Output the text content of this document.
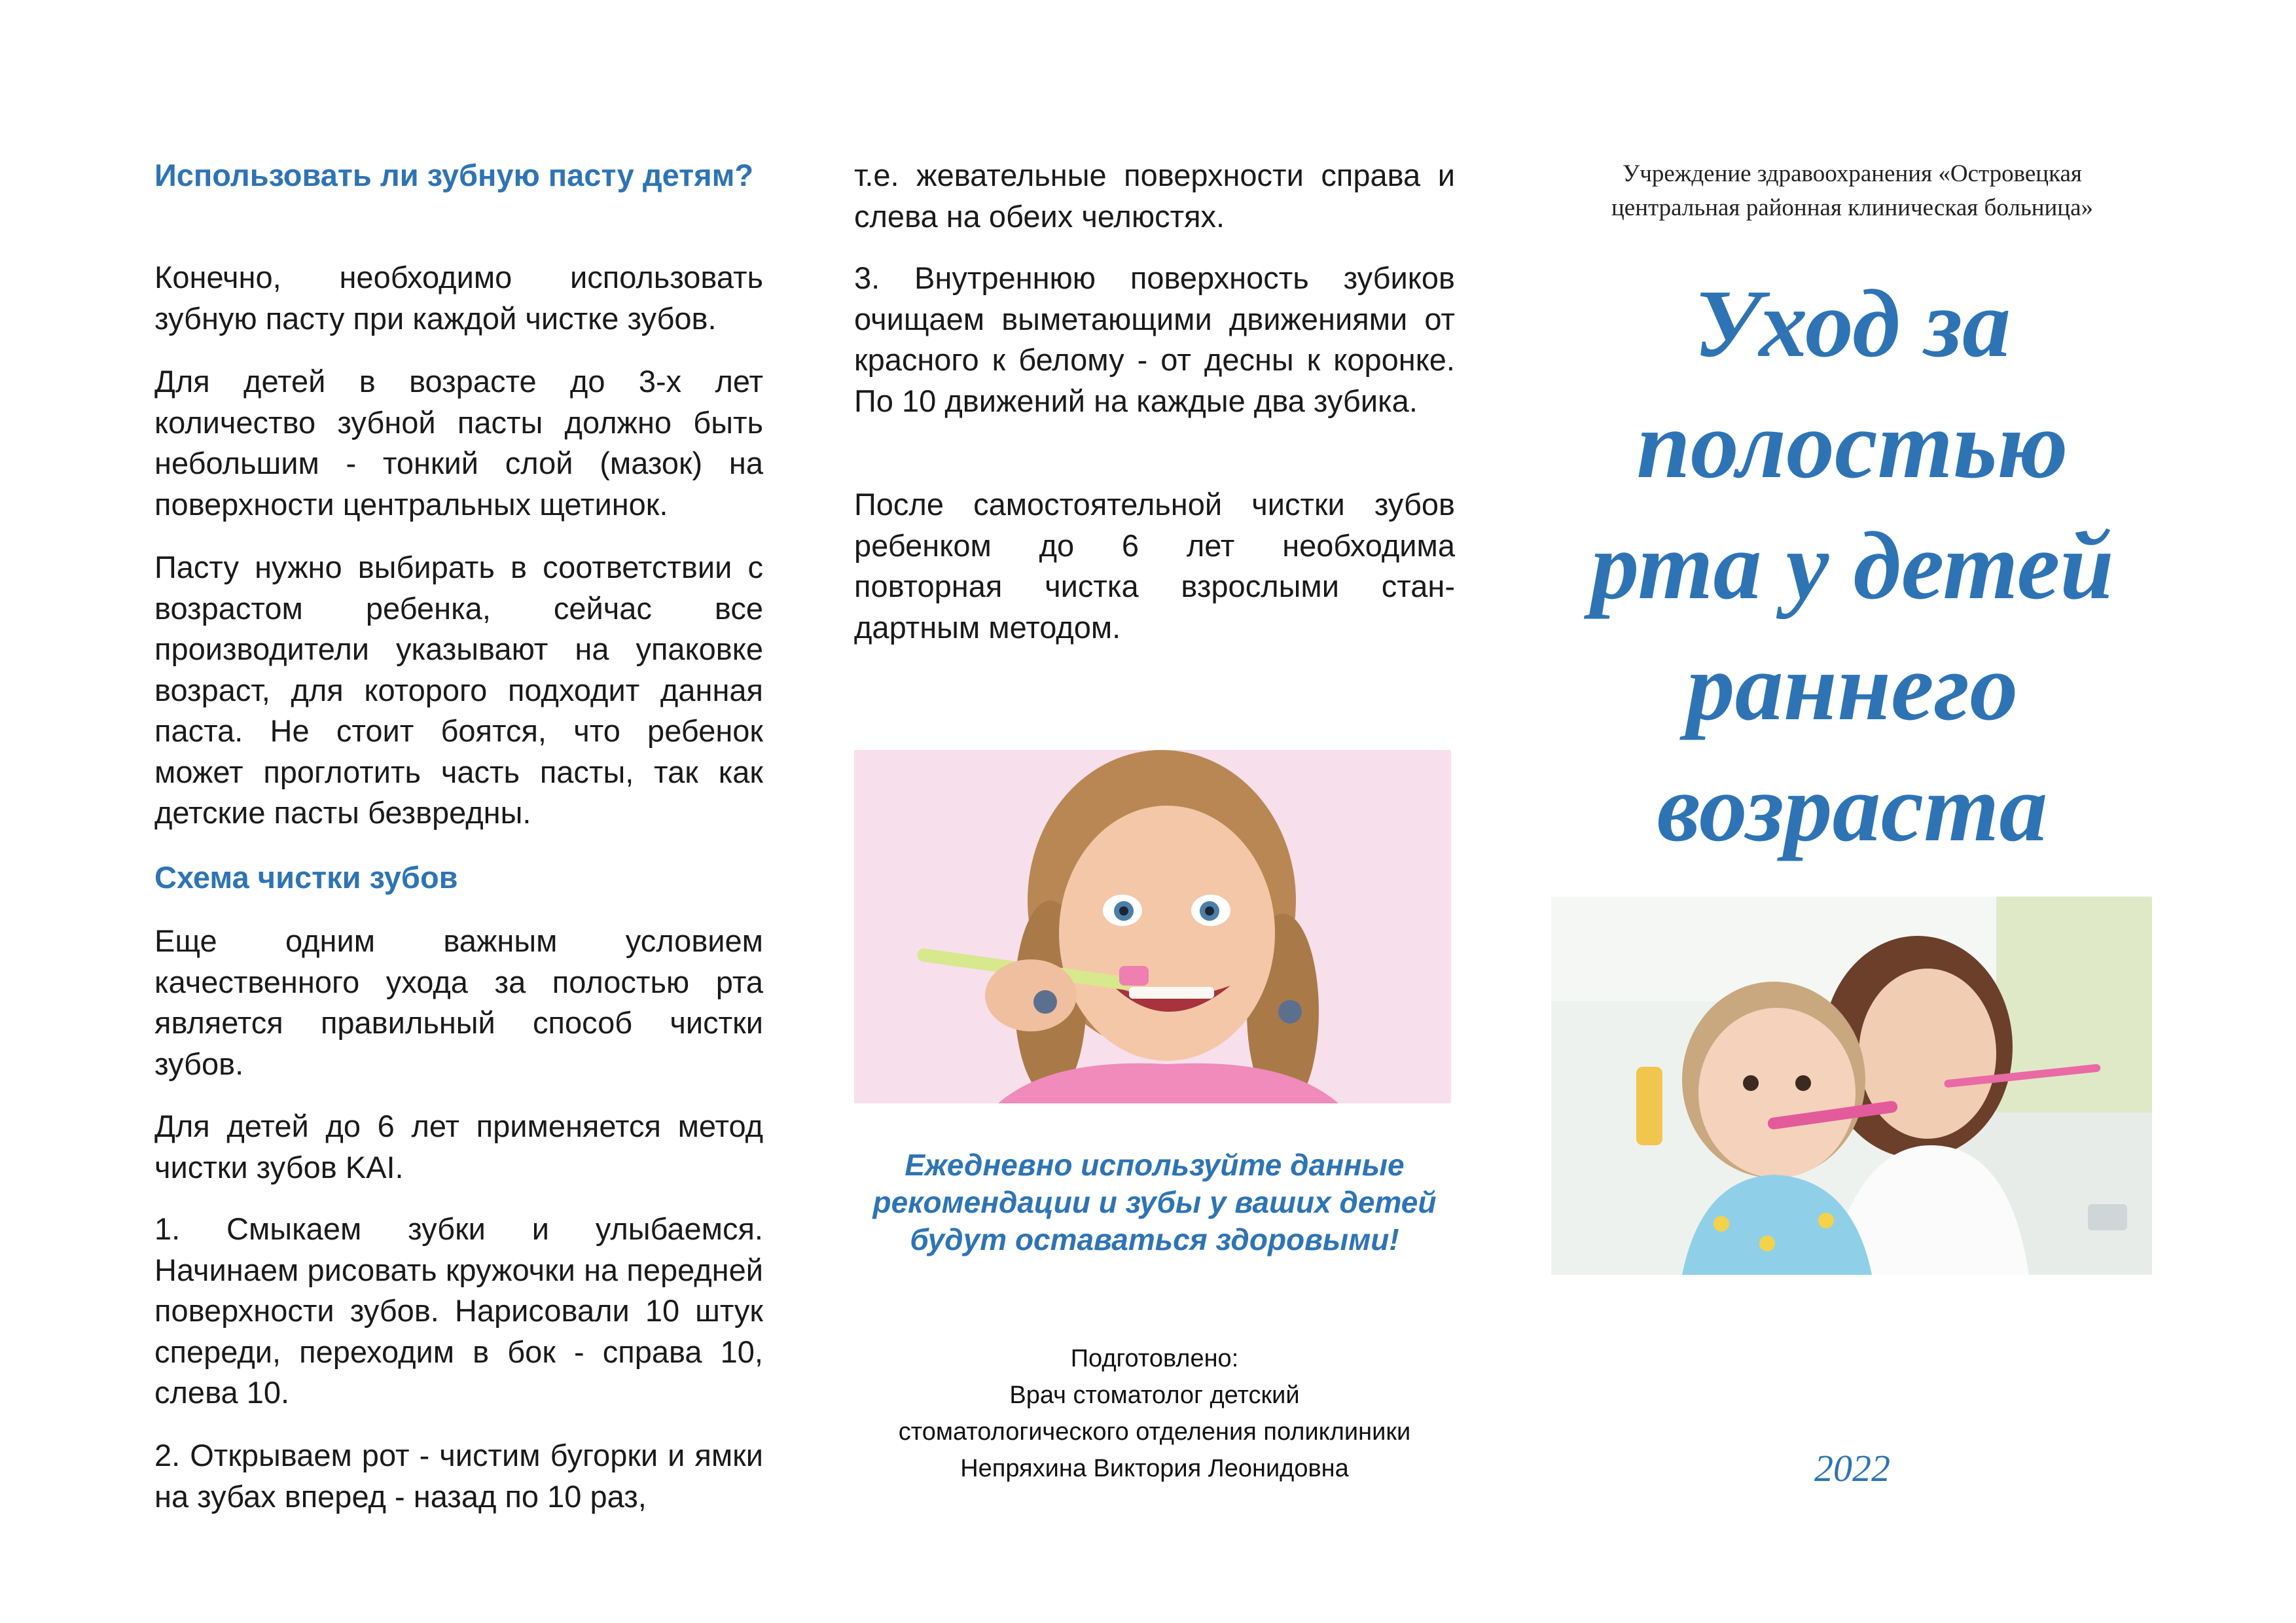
Использовать ли зубную пасту детям?

Конечно, необходимо использовать зубную пасту при каждой чистке зубов.

Для детей в возрасте до 3-х лет количество зубной пасты должно быть небольшим - тонкий слой (мазок) на поверхности центральных щетинок.

Пасту нужно выбирать в соответствии с возрастом ребенка, сейчас все производители указывают на упаковке возраст, для которого подходит данная паста. Не стоит боятся, что ребенок может проглотить часть пасты, так как детские пасты безвредны.

Схема чистки зубов

Еще одним важным условием качественного ухода за полостью рта является правильный способ чистки зубов.

Для детей до 6 лет применяется метод чистки зубов KAI.

1. Смыкаем зубки и улыбаемся. Начинаем рисовать кружочки на передней поверхности зубов. Нарисовали 10 штук спереди, переходим в бок - справа 10, слева 10.

2. Открываем рот - чистим бугорки и ямки на зубах вперед - назад по 10 раз,

т.е. жевательные поверхности справа и слева на обеих челюстях.

3. Внутреннюю поверхность зубиков очищаем выметающими движениями от красного к белому - от десны к коронке. По 10 движений на каждые два зубика.

После самостоятельной чистки зубов ребенком до 6 лет необходима повторная чистка взрослыми стан-дартным методом.

Ежедневно используйте данные рекомендации и зубы у ваших детей будут оставаться здоровыми!

Подготовлено:

Врач стоматолог детский

стоматологического отделения поликлиники

Непряхина Виктория Леонидовна

Учреждение здравоохранения «Островецкая

центральная районная клиническая больница»

Уход за

полостью

рта у детей

раннего

возраста

2022
